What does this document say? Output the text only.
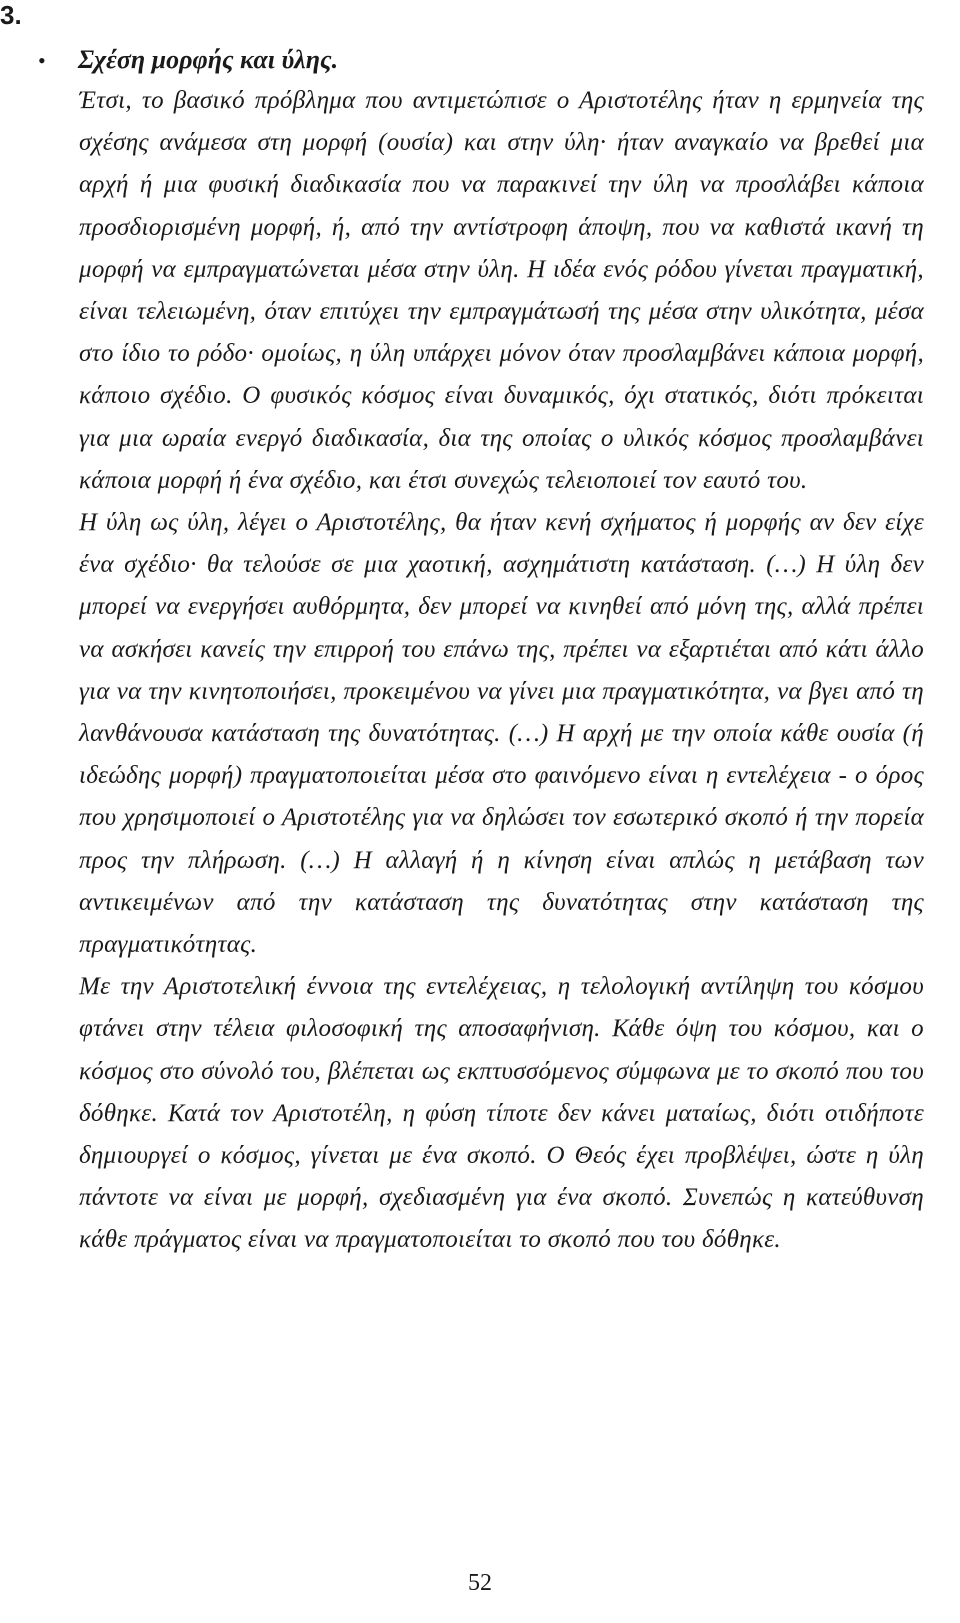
3.
•	Σχέση μορφής και ύλης.

Έτσι, το βασικό πρόβλημα που αντιμετώπισε ο Αριστοτέλης ήταν η ερμηνεία της σχέσης ανάμεσα στη μορφή (ουσία) και στην ύλη· ήταν αναγκαίο να βρεθεί μια αρχή ή μια φυσική διαδικασία που να παρακινεί την ύλη να προσλάβει κάποια προσδιορισμένη μορφή, ή, από την αντίστροφη άποψη, που να καθιστά ικανή τη μορφή να εμπραγματώνεται μέσα στην ύλη. Η ιδέα ενός ρόδου γίνεται πραγματική, είναι τελειωμένη, όταν επιτύχει την εμπραγμάτωσή της μέσα στην υλικότητα, μέσα στο ίδιο το ρόδο· ομοίως, η ύλη υπάρχει μόνον όταν προσλαμβάνει κάποια μορφή, κάποιο σχέδιο. Ο φυσικός κόσμος είναι δυναμικός, όχι στατικός, διότι πρόκειται για μια ωραία ενεργό διαδικασία, δια της οποίας ο υλικός κόσμος προσλαμβάνει κάποια μορφή ή ένα σχέδιο, και έτσι συνεχώς τελειοποιεί τον εαυτό του.

Η ύλη ως ύλη, λέγει ο Αριστοτέλης, θα ήταν κενή σχήματος ή μορφής αν δεν είχε ένα σχέδιο· θα τελούσε σε μια χαοτική, ασχημάτιστη κατάσταση. (…) Η ύλη δεν μπορεί να ενεργήσει αυθόρμητα, δεν μπορεί να κινηθεί από μόνη της, αλλά πρέπει να ασκήσει κανείς την επιρροή του επάνω της, πρέπει να εξαρτιέται από κάτι άλλο για να την κινητοποιήσει, προκειμένου να γίνει μια πραγματικότητα, να βγει από τη λανθάνουσα κατάσταση της δυνατότητας. (…) Η αρχή με την οποία κάθε ουσία (ή ιδεώδης μορφή) πραγματοποιείται μέσα στο φαινόμενο είναι η εντελέχεια - ο όρος που χρησιμοποιεί ο Αριστοτέλης για να δηλώσει τον εσωτερικό σκοπό ή την πορεία προς την πλήρωση. (…) Η αλλαγή ή η κίνηση είναι απλώς η μετάβαση των αντικειμένων από την κατάσταση της δυνατότητας στην κατάσταση της πραγματικότητας.

Με την Αριστοτελική έννοια της εντελέχειας, η τελολογική αντίληψη του κόσμου φτάνει στην τέλεια φιλοσοφική της αποσαφήνιση. Κάθε όψη του κόσμου, και ο κόσμος στο σύνολό του, βλέπεται ως εκπτυσσόμενος σύμφωνα με το σκοπό που του δόθηκε. Κατά τον Αριστοτέλη, η φύση τίποτε δεν κάνει ματαίως, διότι οτιδήποτε δημιουργεί ο κόσμος, γίνεται με ένα σκοπό. Ο Θεός έχει προβλέψει, ώστε η ύλη πάντοτε να είναι με μορφή, σχεδιασμένη για ένα σκοπό. Συνεπώς η κατεύθυνση κάθε πράγματος είναι να πραγματοποιείται το σκοπό που του δόθηκε.

52
